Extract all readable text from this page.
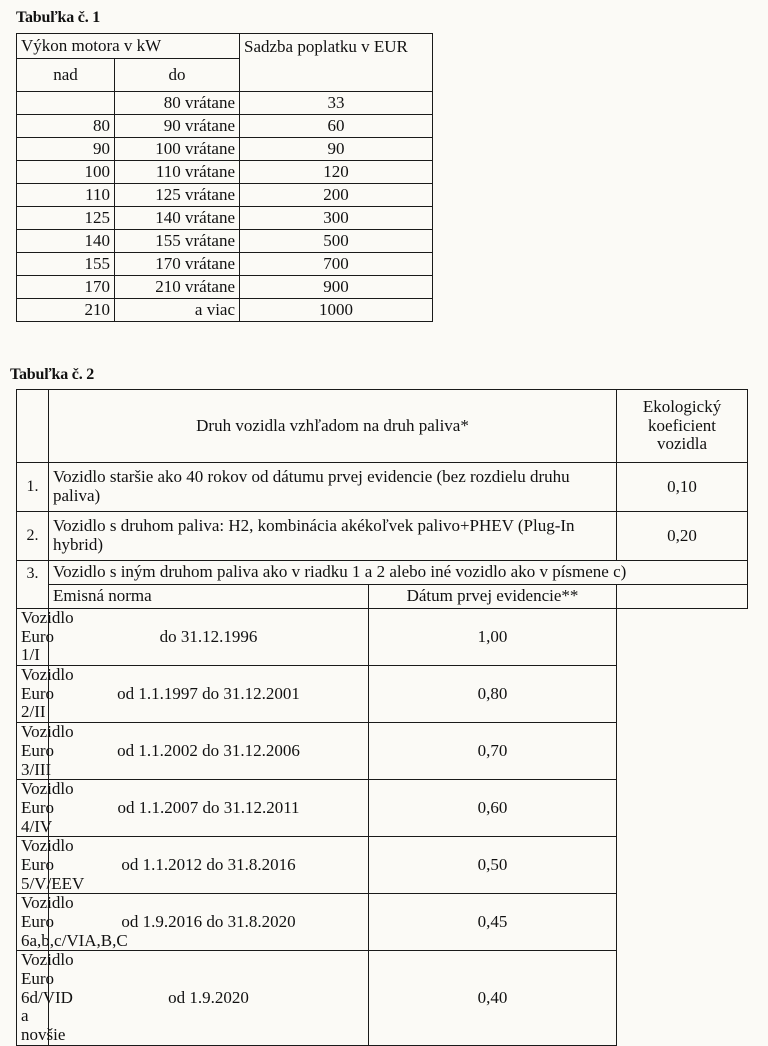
Tabuľka č. 1
Výkon motora v kW		Sadzba poplatku v EUR
nad	do	
	80 vrátane	33
80	90 vrátane	60
90	100 vrátane	90
100	110 vrátane	120
110	125 vrátane	200
125	140 vrátane	300
140	155 vrátane	500
155	170 vrátane	700
170	210 vrátane	900
210	a viac	1000
Tabuľka č. 2
	Druh vozidla vzhľadom na druh paliva*		Ekologický koeficient vozidla
1.	Vozidlo staršie ako 40 rokov od dátumu prvej evidencie (bez rozdielu druhu paliva)		0,10
2.	Vozidlo s druhom paliva: H2, kombinácia akékoľvek palivo+PHEV (Plug-In hybrid)		0,20
3.	Vozidlo s iným druhom paliva ako v riadku 1 a 2 alebo iné vozidlo ako v písmene c)		
	Emisná norma	Dátum prvej evidencie**	
Vozidlo Euro 1/I	do 31.12.1996	1,00	
Vozidlo Euro 2/II	od 1.1.1997 do 31.12.2001	0,80	
Vozidlo Euro 3/III	od 1.1.2002 do 31.12.2006	0,70	
Vozidlo Euro 4/IV	od 1.1.2007 do 31.12.2011	0,60	
Vozidlo Euro 5/V/EEV	od 1.1.2012 do 31.8.2016	0,50	
Vozidlo Euro 6a,b,c/VIA,B,C	od 1.9.2016 do 31.8.2020	0,45	
Vozidlo Euro 6d/VID a novšie	od 1.9.2020	0,40	
